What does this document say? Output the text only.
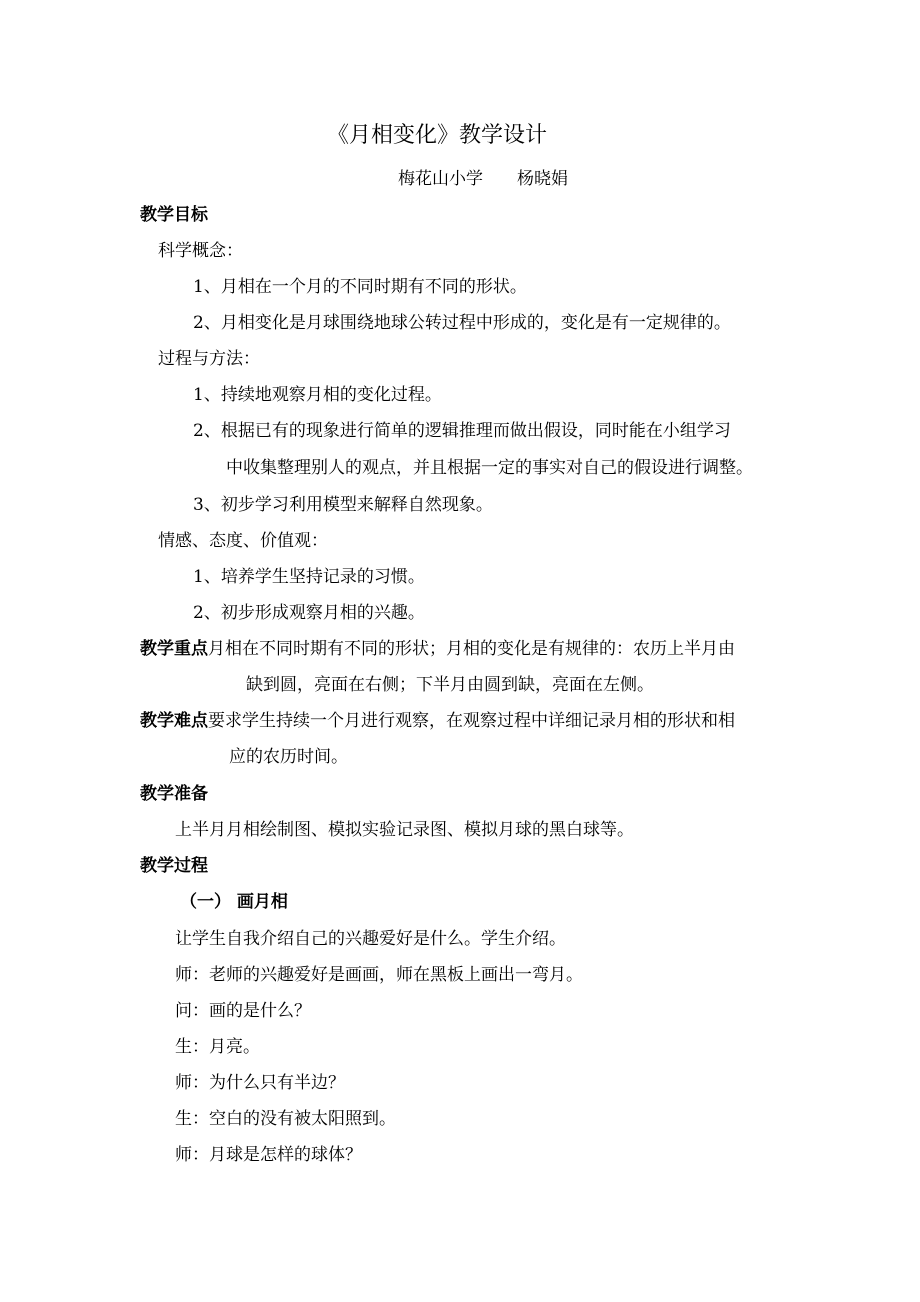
《月相变化》教学设计
梅花山小学　　杨晓娟
教学目标
科学概念：
1、月相在一个月的不同时期有不同的形状。
2、月相变化是月球围绕地球公转过程中形成的，变化是有一定规律的。
过程与方法：
1、持续地观察月相的变化过程。
2、根据已有的现象进行简单的逻辑推理而做出假设，同时能在小组学习
中收集整理别人的观点，并且根据一定的事实对自己的假设进行调整。
3、初步学习利用模型来解释自然现象。
情感、态度、价值观：
1、培养学生坚持记录的习惯。
2、初步形成观察月相的兴趣。
教学重点月相在不同时期有不同的形状；月相的变化是有规律的：农历上半月由
缺到圆，亮面在右侧；下半月由圆到缺，亮面在左侧。
教学难点要求学生持续一个月进行观察，在观察过程中详细记录月相的形状和相
应的农历时间。
教学准备
上半月月相绘制图、模拟实验记录图、模拟月球的黑白球等。
教学过程
（一） 画月相
让学生自我介绍自己的兴趣爱好是什么。学生介绍。
师：老师的兴趣爱好是画画，师在黑板上画出一弯月。
问：画的是什么？
生：月亮。
师：为什么只有半边？
生：空白的没有被太阳照到。
师：月球是怎样的球体？
